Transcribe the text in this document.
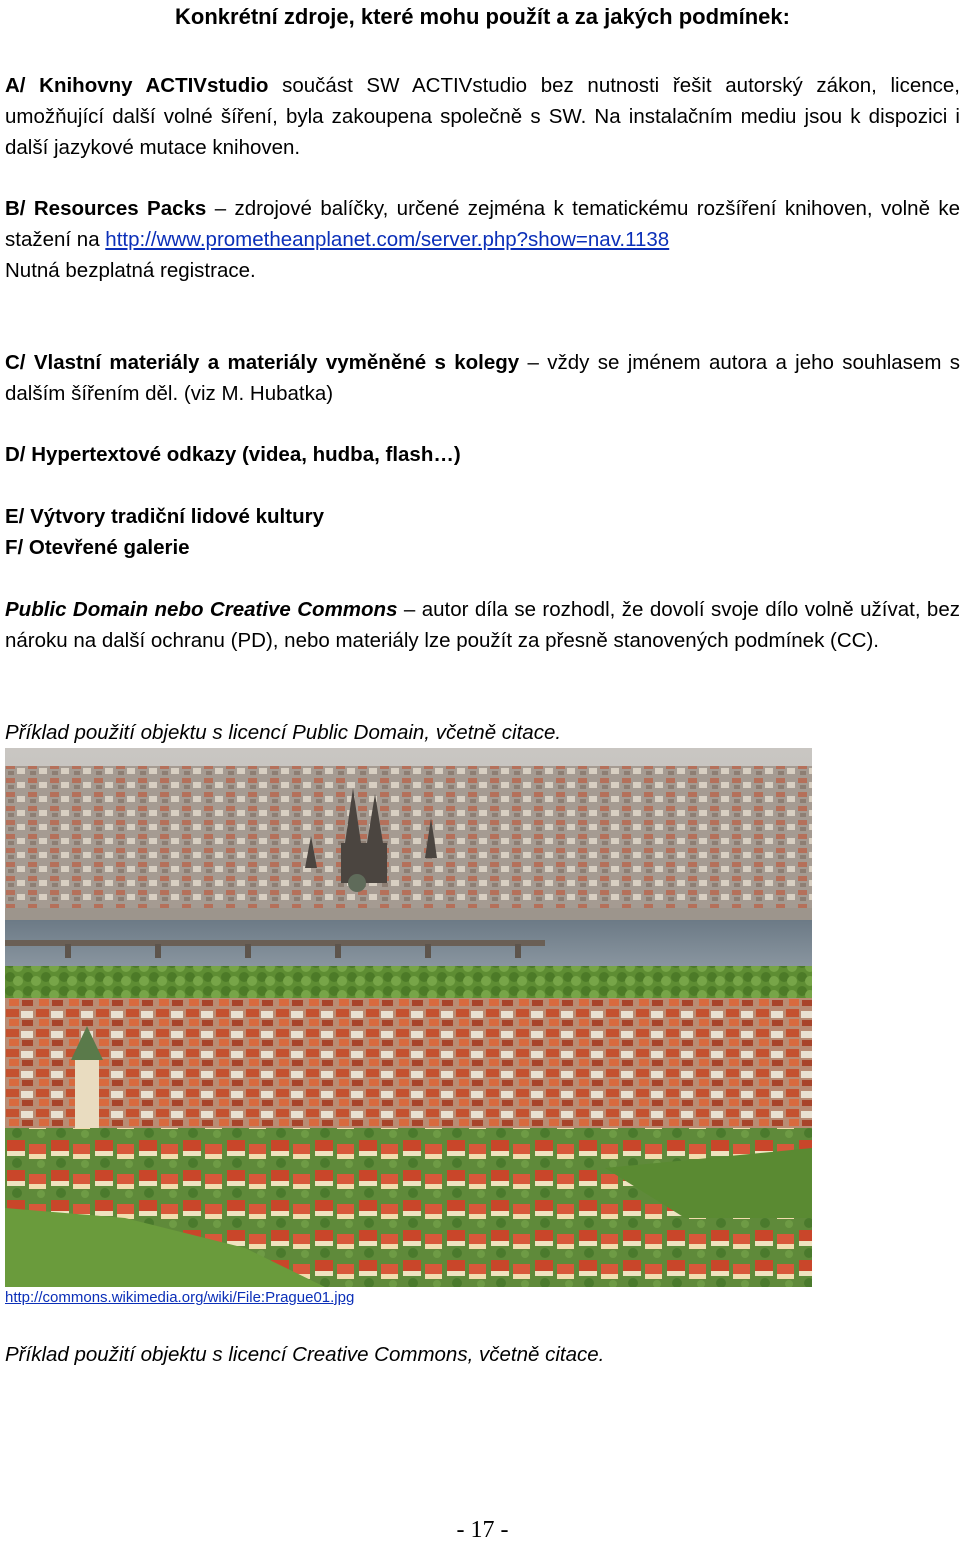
Konkrétní zdroje, které mohu použít a za jakých podmínek:

A/ Knihovny ACTIVstudio součást SW ACTIVstudio bez nutnosti řešit autorský zákon, licence, umožňující další volné šíření, byla zakoupena společně s SW. Na instalačním mediu jsou k dispozici i další jazykové mutace knihoven.

B/ Resources Packs – zdrojové balíčky, určené zejména k tematickému rozšíření knihoven, volně ke stažení na http://www.prometheanplanet.com/server.php?show=nav.1138
Nutná bezplatná registrace.

C/ Vlastní materiály a materiály vyměněné s kolegy – vždy se jménem autora a jeho souhlasem s dalším šířením děl. (viz M. Hubatka)

D/ Hypertextové odkazy (videa, hudba, flash…)

E/ Výtvory tradiční lidové kultury

F/ Otevřené galerie

Public Domain nebo Creative Commons – autor díla se rozhodl, že dovolí svoje dílo volně užívat, bez nároku na další ochranu (PD), nebo materiály lze použít za přesně stanovených podmínek (CC).

Příklad použití objektu s licencí Public Domain, včetně citace.

http://commons.wikimedia.org/wiki/File:Prague01.jpg

Příklad použití objektu s licencí Creative Commons, včetně citace.

- 17 -
